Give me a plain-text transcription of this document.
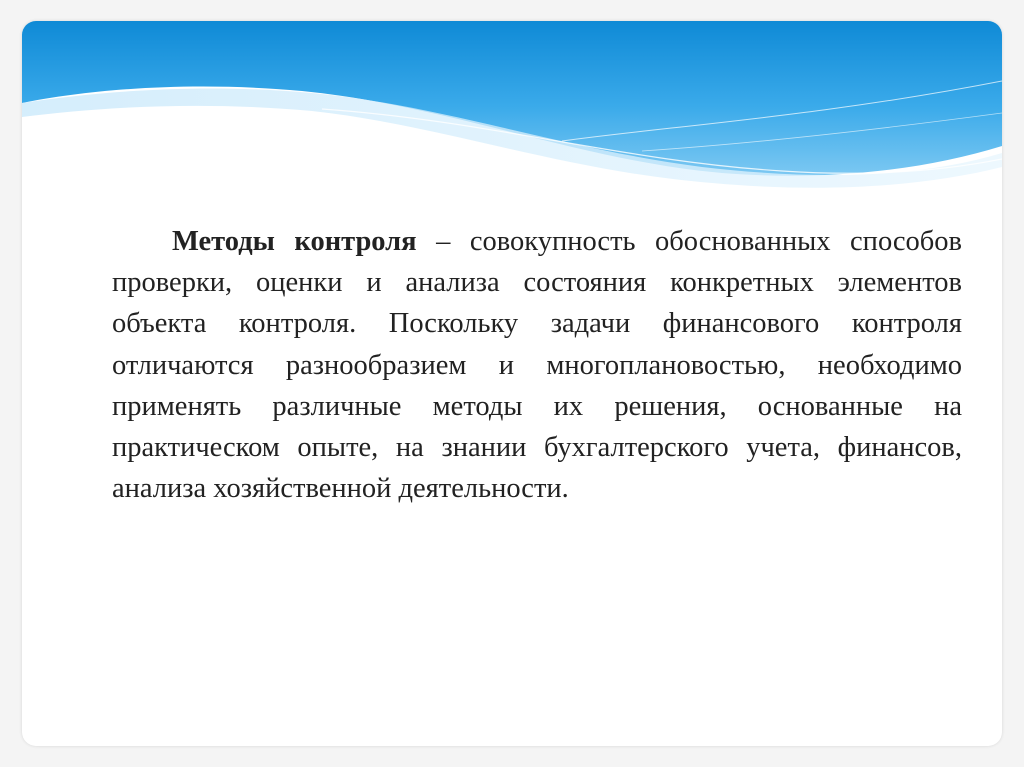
Методы контроля – совокупность обоснованных способов проверки, оценки и анализа состояния конкретных элементов объекта контроля. Поскольку задачи финансового контроля отличаются разнообразием и многоплановостью, необходимо применять различные методы их решения, основанные на практическом опыте, на знании бухгалтерского учета, финансов, анализа хозяйственной деятельности.
